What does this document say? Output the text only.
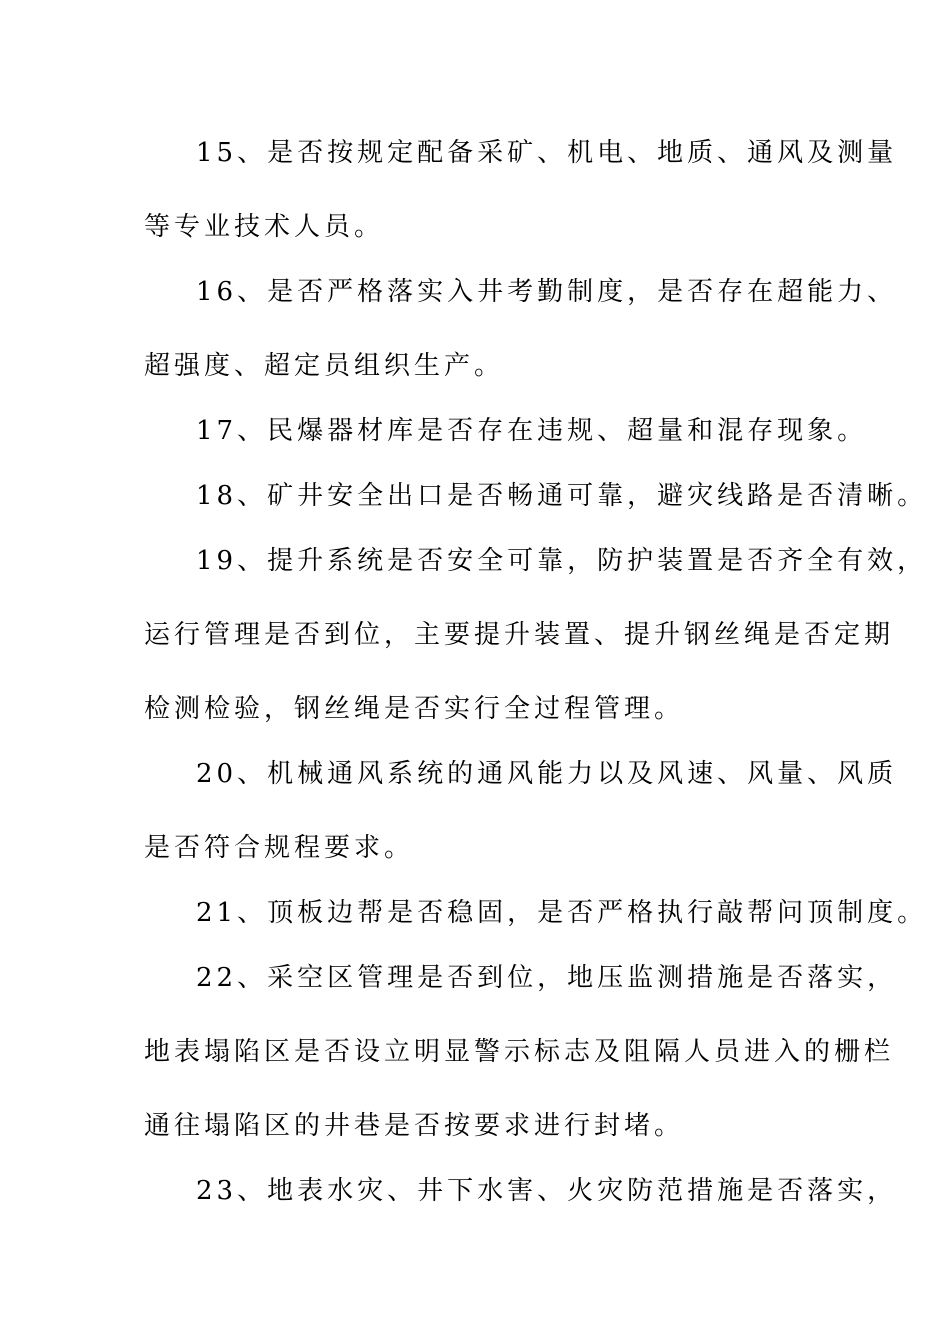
15、是否按规定配备采矿、机电、地质、通风及测量
等专业技术人员。
16、是否严格落实入井考勤制度，是否存在超能力、
超强度、超定员组织生产。
17、民爆器材库是否存在违规、超量和混存现象。
18、矿井安全出口是否畅通可靠，避灾线路是否清晰。
19、提升系统是否安全可靠，防护装置是否齐全有效，
运行管理是否到位，主要提升装置、提升钢丝绳是否定期
检测检验，钢丝绳是否实行全过程管理。
20、机械通风系统的通风能力以及风速、风量、风质
是否符合规程要求。
21、顶板边帮是否稳固，是否严格执行敲帮问顶制度。
22、采空区管理是否到位，地压监测措施是否落实，
地表塌陷区是否设立明显警示标志及阻隔人员进入的栅栏
通往塌陷区的井巷是否按要求进行封堵。
23、地表水灾、井下水害、火灾防范措施是否落实，
